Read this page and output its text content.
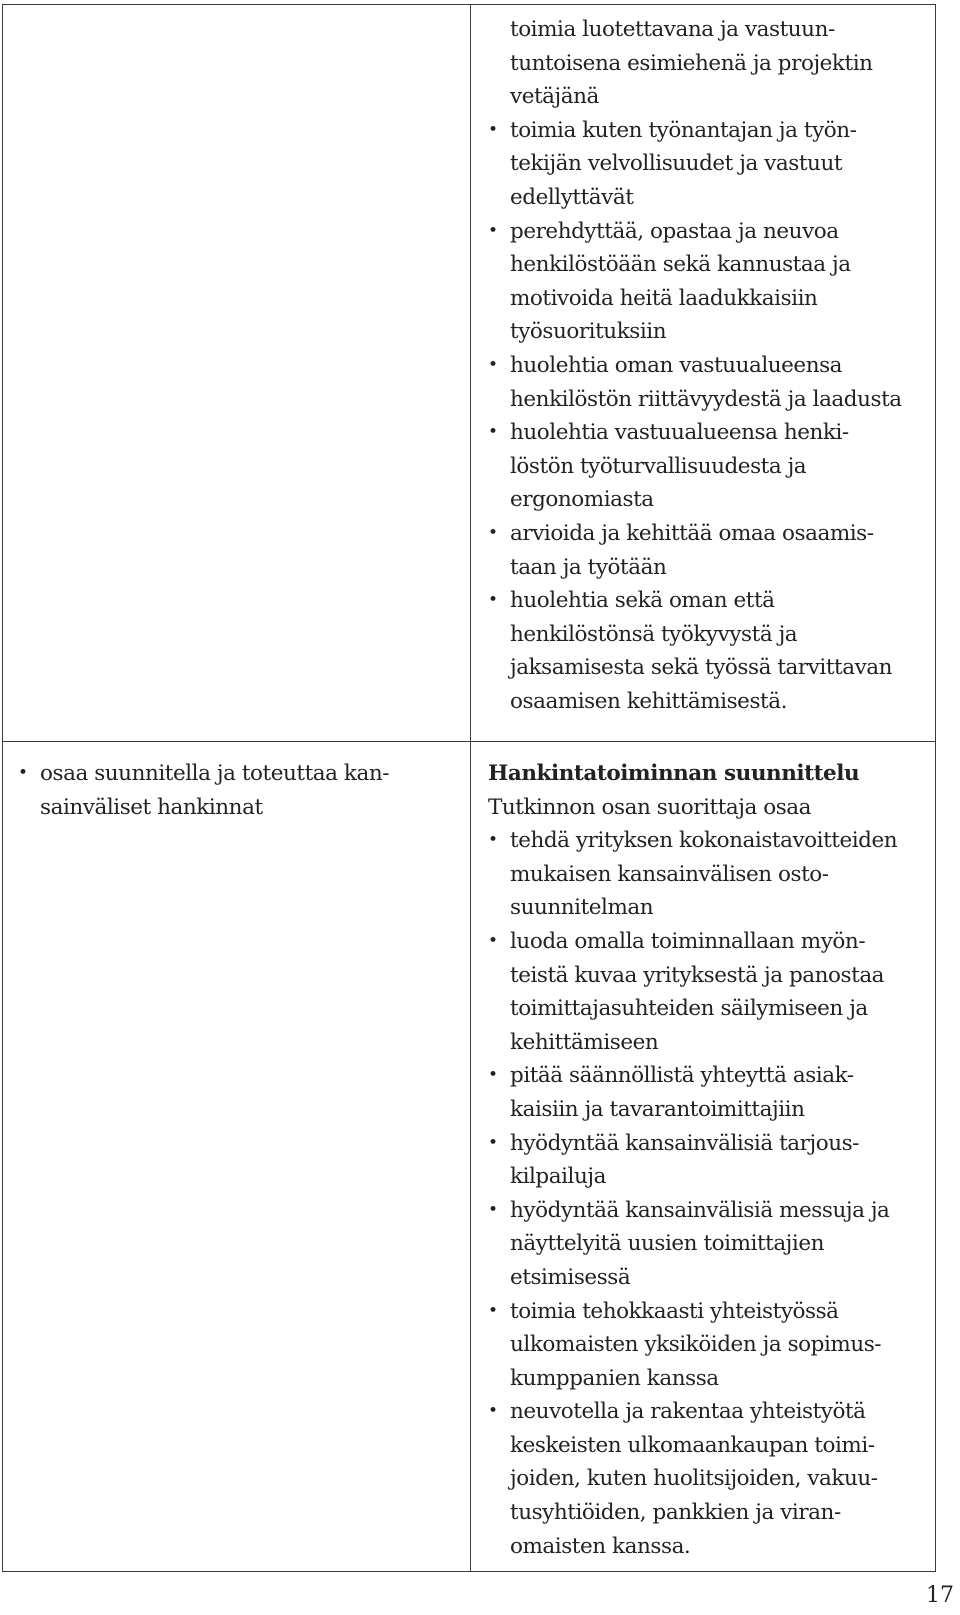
toimia luotettavana ja vastuun-
tuntoisena esimiehenä ja projektin
vetäjänä
• toimia kuten työnantajan ja työn-
tekijän velvollisuudet ja vastuut
edellyttävät
• perehdyttää, opastaa ja neuvoa
henkilöstöään sekä kannustaa ja
motivoida heitä laadukkaisiin
työsuorituksiin
• huolehtia oman vastuualueensa
henkilöstön riittävyydestä ja laadusta
• huolehtia vastuualueensa henki-
löstön työturvallisuudesta ja
ergonomiasta
• arvioida ja kehittää omaa osaamis-
taan ja työtään
• huolehtia sekä oman että
henkilöstönsä työkyvystä ja
jaksamisesta sekä työssä tarvittavan
osaamisen kehittämisestä.
• osaa suunnitella ja toteuttaa kan-
sainväliset hankinnat
Hankintatoiminnan suunnittelu
Tutkinnon osan suorittaja osaa
• tehdä yrityksen kokonaistavoitteiden
mukaisen kansainvälisen osto-
suunnitelman
• luoda omalla toiminnallaan myön-
teistä kuvaa yrityksestä ja panostaa
toimittajasuhteiden säilymiseen ja
kehittämiseen
• pitää säännöllistä yhteyttä asiak-
kaisiin ja tavarantoimittajiin
• hyödyntää kansainvälisiä tarjous-
kilpailuja
• hyödyntää kansainvälisiä messuja ja
näyttelyitä uusien toimittajien
etsimisessä
• toimia tehokkaasti yhteistyössä
ulkomaisten yksiköiden ja sopimus-
kumppanien kanssa
• neuvotella ja rakentaa yhteistyötä
keskeisten ulkomaankaupan toimi-
joiden, kuten huolitsijoiden, vakuu-
tusyhtiöiden, pankkien ja viran-
omaisten kanssa.
17
